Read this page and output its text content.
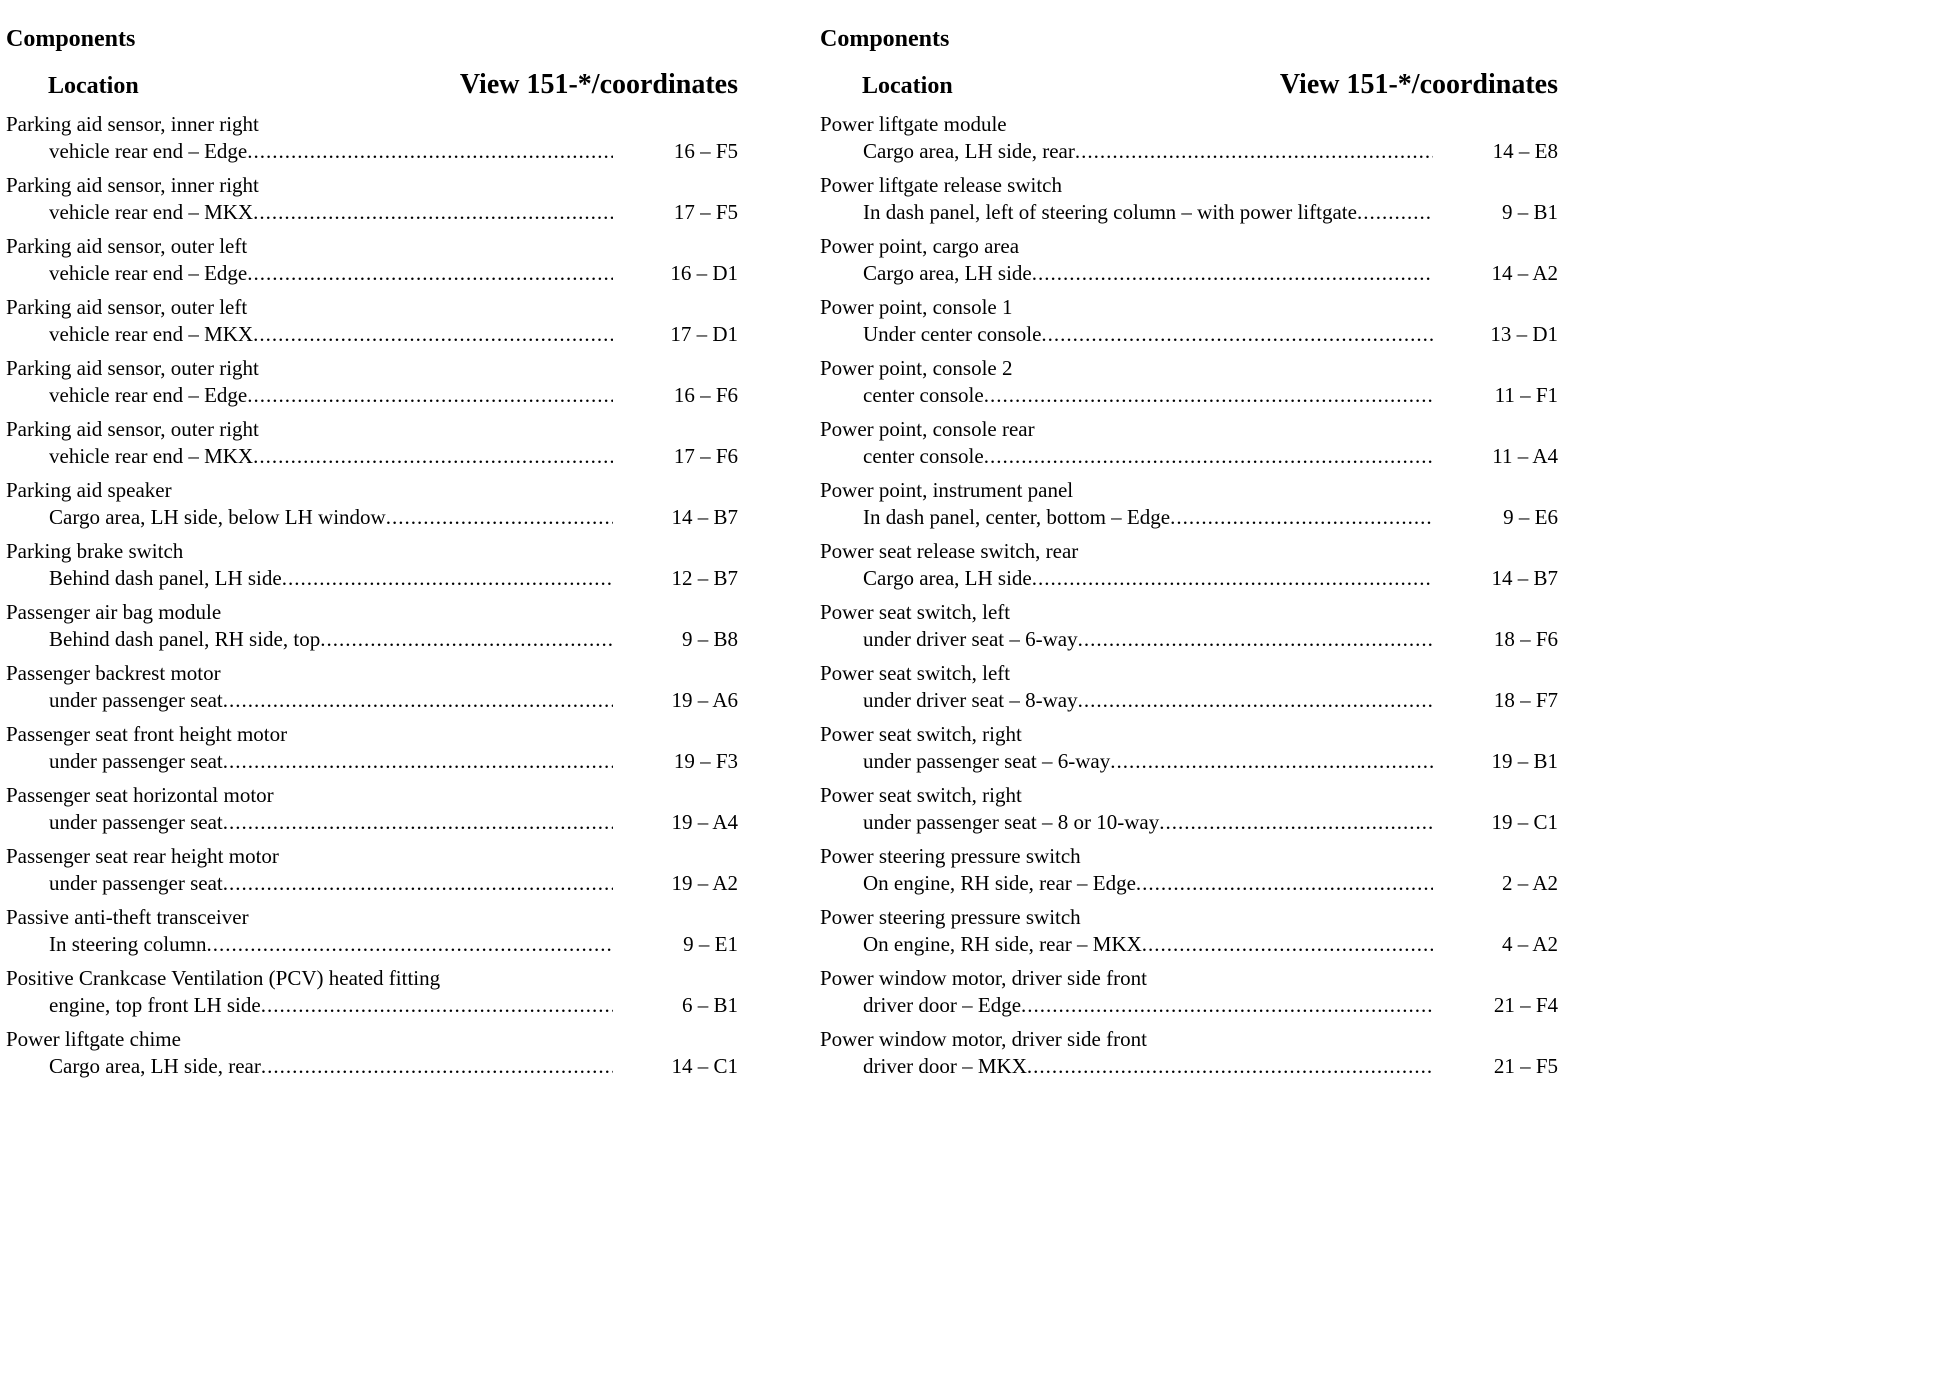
Components
Location	View 151-*/coordinates
Parking aid sensor, inner right
vehicle rear end – Edge .....	16 – F5
Parking aid sensor, inner right
vehicle rear end – MKX .....	17 – F5
Parking aid sensor, outer left
vehicle rear end – Edge .....	16 – D1
Parking aid sensor, outer left
vehicle rear end – MKX .....	17 – D1
Parking aid sensor, outer right
vehicle rear end – Edge .....	16 – F6
Parking aid sensor, outer right
vehicle rear end – MKX .....	17 – F6
Parking aid speaker
Cargo area, LH side, below LH window .....	14 – B7
Parking brake switch
Behind dash panel, LH side .....	12 – B7
Passenger air bag module
Behind dash panel, RH side, top .....	9 – B8
Passenger backrest motor
under passenger seat .....	19 – A6
Passenger seat front height motor
under passenger seat .....	19 – F3
Passenger seat horizontal motor
under passenger seat .....	19 – A4
Passenger seat rear height motor
under passenger seat .....	19 – A2
Passive anti-theft transceiver
In steering column .....	9 – E1
Positive Crankcase Ventilation (PCV) heated fitting
engine, top front LH side .....	6 – B1
Power liftgate chime
Cargo area, LH side, rear .....	14 – C1
Components
Location	View 151-*/coordinates
Power liftgate module
Cargo area, LH side, rear .....	14 – E8
Power liftgate release switch
In dash panel, left of steering column – with power liftgate .....	9 – B1
Power point, cargo area
Cargo area, LH side .....	14 – A2
Power point, console 1
Under center console .....	13 – D1
Power point, console 2
center console .....	11 – F1
Power point, console rear
center console .....	11 – A4
Power point, instrument panel
In dash panel, center, bottom – Edge .....	9 – E6
Power seat release switch, rear
Cargo area, LH side .....	14 – B7
Power seat switch, left
under driver seat – 6-way .....	18 – F6
Power seat switch, left
under driver seat – 8-way .....	18 – F7
Power seat switch, right
under passenger seat – 6-way .....	19 – B1
Power seat switch, right
under passenger seat – 8 or 10-way .....	19 – C1
Power steering pressure switch
On engine, RH side, rear – Edge .....	2 – A2
Power steering pressure switch
On engine, RH side, rear – MKX .....	4 – A2
Power window motor, driver side front
driver door – Edge .....	21 – F4
Power window motor, driver side front
driver door – MKX .....	21 – F5
